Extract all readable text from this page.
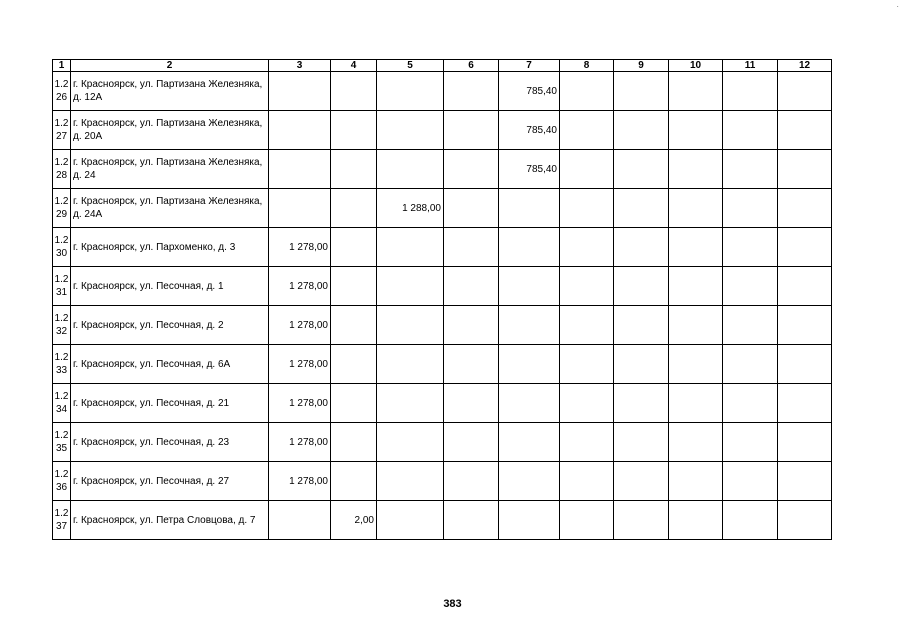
·
1	2	3	4	5	6	7	8	9	10	11	12

1.2
26	г. Красноярск, ул. Партизана Железняка, д. 12А					785,40					

1.2
27	г. Красноярск, ул. Партизана Железняка, д. 20А					785,40					

1.2
28	г. Красноярск, ул. Партизана Железняка, д. 24					785,40					

1.2
29	г. Красноярск, ул. Партизана Железняка, д. 24А			1 288,00							

1.2
30	г. Красноярск, ул. Пархоменко, д. 3	1 278,00									

1.2
31	г. Красноярск, ул. Песочная, д. 1	1 278,00									

1.2
32	г. Красноярск, ул. Песочная, д. 2	1 278,00									

1.2
33	г. Красноярск, ул. Песочная, д. 6А	1 278,00									

1.2
34	г. Красноярск, ул. Песочная, д. 21	1 278,00									

1.2
35	г. Красноярск, ул. Песочная, д. 23	1 278,00									

1.2
36	г. Красноярск, ул. Песочная, д. 27	1 278,00									

1.2
37	г. Красноярск, ул. Петра Словцова, д. 7		2,00								
383
